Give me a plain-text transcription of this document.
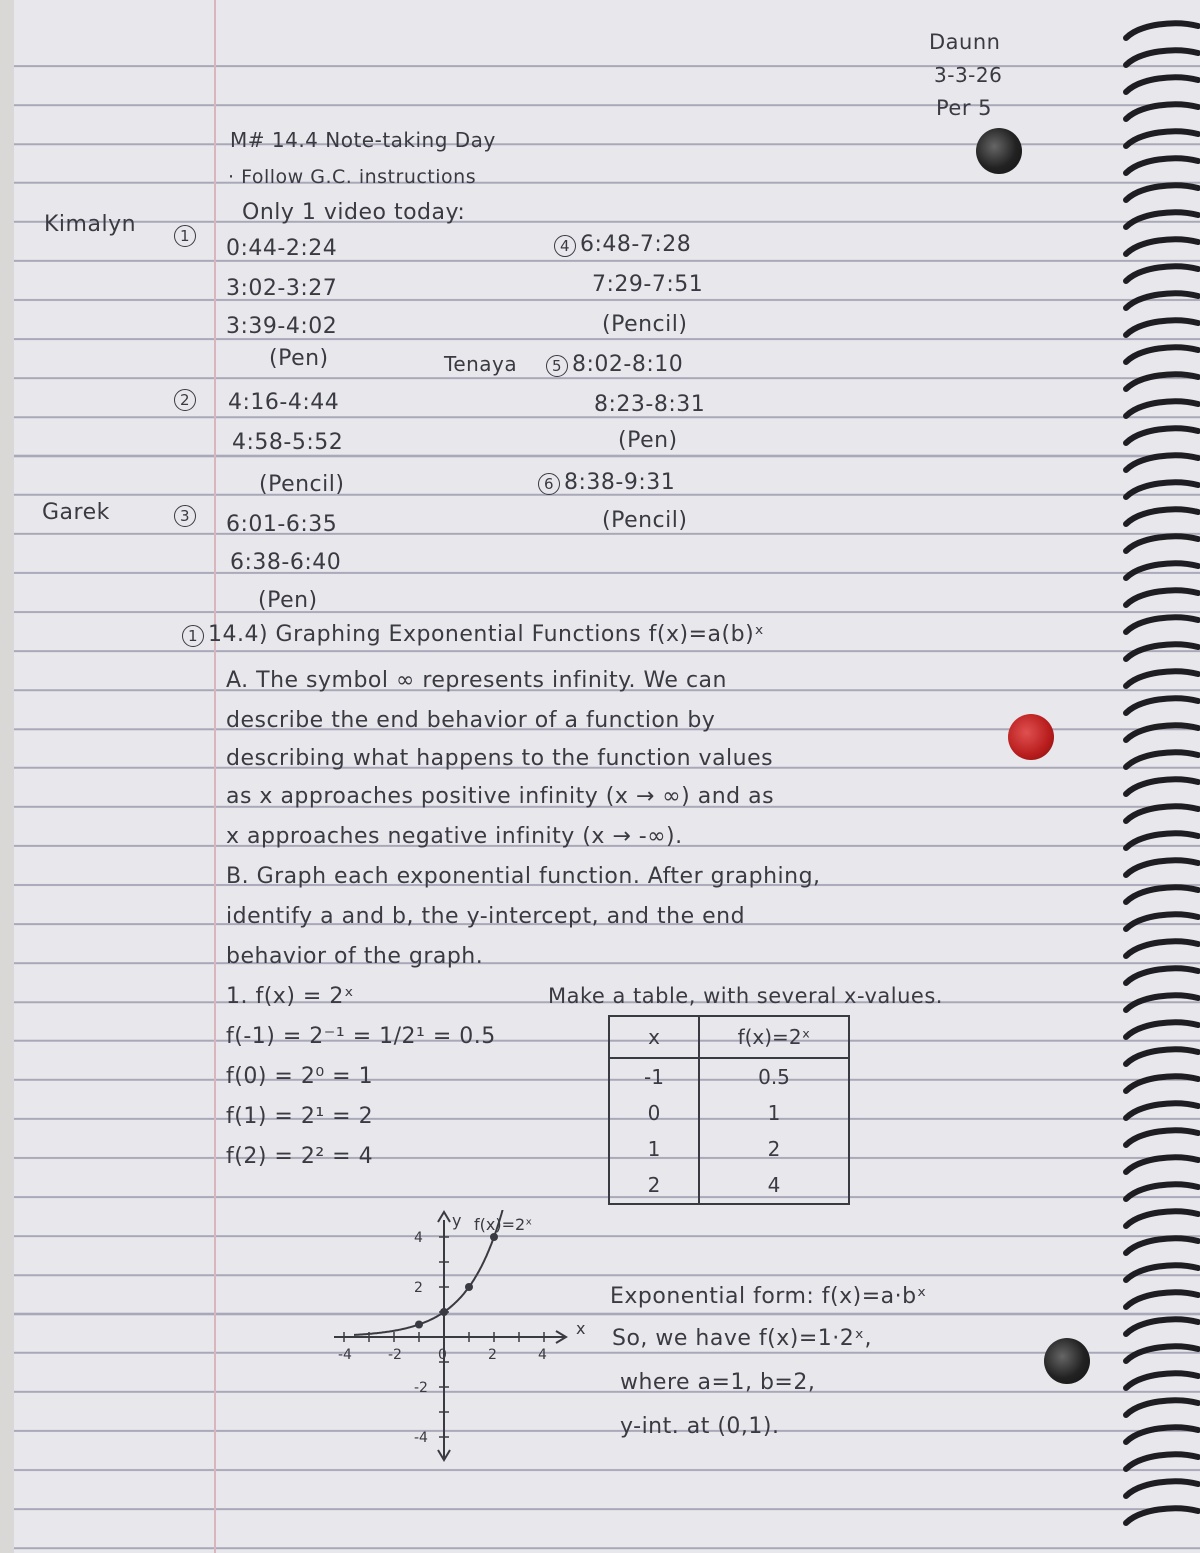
Daunn
3-3-26
Per 5
M# 14.4 Note-taking Day
· Follow G.C. instructions
Only 1 video today:
Kimalyn	1	0:44-2:24
3:02-3:27
3:39-4:02
(Pen)
2	4:16-4:44
4:58-5:52
(Pencil)
Garek	3	6:01-6:35
6:38-6:40
(Pen)
4 6:48-7:28
7:29-7:51
(Pencil)
Tenaya	5 8:02-8:10
8:23-8:31
(Pen)
6 8:38-9:31
(Pencil)
1 14.4) Graphing Exponential Functions f(x)=a(b)ˣ
A. The symbol ∞ represents infinity. We can
describe the end behavior of a function by
describing what happens to the function values
as x approaches positive infinity (x → ∞) and as
x approaches negative infinity (x → -∞).
B. Graph each exponential function. After graphing,
identify a and b, the y-intercept, and the end
behavior of the graph.
1. f(x) = 2ˣ	Make a table, with several x-values.
f(-1) = 2⁻¹ = 1/2¹ = 0.5
f(0) = 2⁰ = 1
f(1) = 2¹ = 2
f(2) = 2² = 4
x	f(x)=2ˣ
-1	0.5
0	1
1	2
2	4
-4	-2	0	2	4
4
2
-2
-4
y
x
f(x)=2ˣ
Exponential form: f(x)=a·bˣ
So, we have f(x)=1·2ˣ,
where a=1, b=2,
y-int. at (0,1).
